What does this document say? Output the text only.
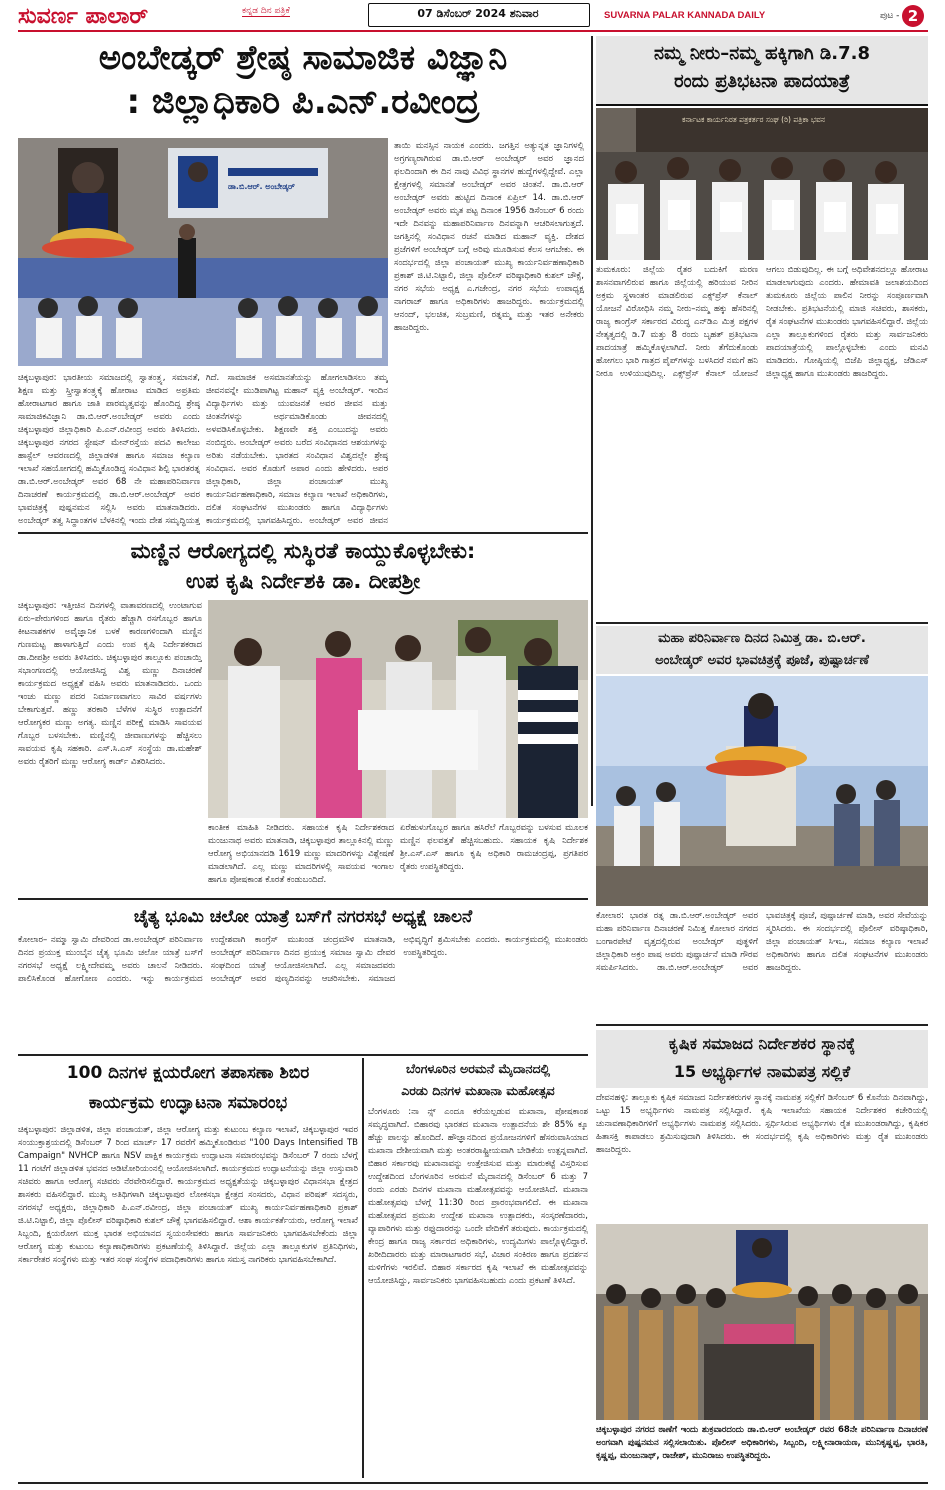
ಸುವರ್ಣ ಪಾಲಾರ್	ಕನ್ನಡ ದಿನ ಪತ್ರಿಕೆ	07 ಡಿಸೆಂಬರ್ 2024 ಶನಿವಾರ	SUVARNA PALAR KANNADA DAILY	ಪುಟ - 2
ಅಂಬೇಡ್ಕರ್ ಶ್ರೇಷ್ಠ ಸಾಮಾಜಿಕ ವಿಜ್ಞಾನಿ
: ಜಿಲ್ಲಾಧಿಕಾರಿ ಪಿ.ಎನ್.ರವೀಂದ್ರ
ಡಾ.ಬಿ.ಆರ್. ಅಂಬೇಡ್ಕರ್
ಚಿಕ್ಕಬಳ್ಳಾಪುರ: ಭಾರತೀಯ ಸಮಾಜದಲ್ಲಿ ಸ್ವಾತಂತ್ರ್ಯ, ಸಮಾನತೆ, ಶಿಕ್ಷಣ ಮತ್ತು ಸ್ತ್ರೀಸ್ವಾತಂತ್ರ್ಯಕ್ಕೆ ಹೋರಾಟ ಮಾಡಿದ ಅಪ್ರತಿಮ ಹೋರಾಟಗಾರ ಹಾಗೂ ಜಾತಿ ಪಾರಮ್ಯತ್ವವನ್ನು ಹೊಂದಿದ್ದ ಶ್ರೇಷ್ಠ ಸಾಮಾಜಿಕವಿಜ್ಞಾನಿ ಡಾ.ಬಿ.ಆರ್.ಅಂಬೇಡ್ಕರ್ ಅವರು ಎಂದು ಚಿಕ್ಕಬಳ್ಳಾಪುರ ಜಿಲ್ಲಾಧಿಕಾರಿ ಪಿ.ಎನ್.ರವೀಂದ್ರ ಅವರು ತಿಳಿಸಿದರು. ಚಿಕ್ಕಬಳ್ಳಾಪುರ ನಗರದ ಸ್ಟೇಷನ್ ಮೇನ್‌ರಸ್ತೆಯ ಪದವಿ ಕಾಲೇಜು ಹಾಸ್ಟೆಲ್ ಆವರಣದಲ್ಲಿ ಜಿಲ್ಲಾಡಳಿತ ಹಾಗೂ ಸಮಾಜ ಕಲ್ಯಾಣ ಇಲಾಖೆ ಸಹಯೋಗದಲ್ಲಿ ಹಮ್ಮಿಕೊಂಡಿದ್ದ ಸಂವಿಧಾನ ಶಿಲ್ಪಿ ಭಾರತರತ್ನ ಡಾ.ಬಿ.ಆರ್.ಅಂಬೇಡ್ಕರ್ ಅವರ 68 ನೇ ಮಹಾಪರಿನಿರ್ವಾಣ ದಿನಾಚರಣೆ ಕಾರ್ಯಕ್ರಮದಲ್ಲಿ ಡಾ.ಬಿ.ಆರ್.ಅಂಬೇಡ್ಕರ್ ಅವರ ಭಾವಚಿತ್ರಕ್ಕೆ ಪುಷ್ಪನಮನ ಸಲ್ಲಿಸಿ ಅವರು ಮಾತನಾಡಿದರು. ಅಂಬೇಡ್ಕರ್ ತತ್ವ ಸಿದ್ಧಾಂತಗಳ ಬೆಳಕಿನಲ್ಲಿ ಇಂದು ದೇಶ ಸಮೃದ್ಧಿಯತ್ತ
ಗಿದೆ. ಸಾಮಾಜಿಕ ಅಸಮಾನತೆಯನ್ನು ಹೋಗಲಾಡಿಸಲು ತಮ್ಮ ಜೀವನವನ್ನೇ ಮುಡಿಪಾಗಿಟ್ಟ ಮಹಾನ್ ವ್ಯಕ್ತಿ ಅಂಬೇಡ್ಕರ್. ಇಂದಿನ ವಿದ್ಯಾರ್ಥಿಗಳು ಮತ್ತು ಯುವಜನತೆ ಅವರ ಜೀವನ ಮತ್ತು ಚಿಂತನೆಗಳನ್ನು ಅರ್ಥಮಾಡಿಕೊಂಡು ಜೀವನದಲ್ಲಿ ಅಳವಡಿಸಿಕೊಳ್ಳಬೇಕು. ಶಿಕ್ಷಣವೇ ಶಕ್ತಿ ಎಂಬುದನ್ನು ಅವರು ನಂಬಿದ್ದರು. ಅಂಬೇಡ್ಕರ್ ಅವರು ಬರೆದ ಸಂವಿಧಾನದ ಆಶಯಗಳನ್ನು ಅರಿತು ನಡೆಯಬೇಕು. ಭಾರತದ ಸಂವಿಧಾನ ವಿಶ್ವದಲ್ಲೇ ಶ್ರೇಷ್ಠ ಸಂವಿಧಾನ. ಅವರ ಕೊಡುಗೆ ಅಪಾರ ಎಂದು ಹೇಳಿದರು. ಅಪರ ಜಿಲ್ಲಾಧಿಕಾರಿ, ಜಿಲ್ಲಾ ಪಂಚಾಯತ್ ಮುಖ್ಯ ಕಾರ್ಯನಿರ್ವಹಣಾಧಿಕಾರಿ, ಸಮಾಜ ಕಲ್ಯಾಣ ಇಲಾಖೆ ಅಧಿಕಾರಿಗಳು, ದಲಿತ ಸಂಘಟನೆಗಳ ಮುಖಂಡರು ಹಾಗೂ ವಿದ್ಯಾರ್ಥಿಗಳು ಕಾರ್ಯಕ್ರಮದಲ್ಲಿ ಭಾಗವಹಿಸಿದ್ದರು. ಅಂಬೇಡ್ಕರ್ ಅವರ ಜೀವನ
ತಾಯಿ ಮನಸ್ಸಿನ ನಾಯಕ ಎಂದರು. ಜಗತ್ತಿನ ಅತ್ಯುನ್ನತ ಜ್ಞಾನಿಗಳಲ್ಲಿ ಅಗ್ರಗಣ್ಯರಾಗಿರುವ ಡಾ.ಬಿ.ಆರ್ ಅಂಬೇಡ್ಕರ್ ಅವರ ಜ್ಞಾನದ ಫಲದಿಂದಾಗಿ ಈ ದಿನ ನಾವು ವಿವಿಧ ಸ್ಥಾನಗಳ ಹುದ್ದೆಗಳಲ್ಲಿದ್ದೇವೆ. ಎಲ್ಲಾ ಕ್ಷೇತ್ರಗಳಲ್ಲಿ ಸಮಾನತೆ ಅಂಬೇಡ್ಕರ್ ಅವರ ಚಿಂತನೆ. ಡಾ.ಬಿ.ಆರ್ ಅಂಬೇಡ್ಕರ್ ಅವರು ಹುಟ್ಟಿದ ದಿನಾಂಕ ಏಪ್ರಿಲ್ 14. ಡಾ.ಬಿ.ಆರ್ ಅಂಬೇಡ್ಕರ್ ಅವರು ಮೃತ ಪಟ್ಟ ದಿನಾಂಕ 1956 ಡಿಸೆಂಬರ್ 6 ರಂದು ಇದೇ ದಿನವನ್ನು ಮಹಾಪರಿನಿರ್ವಾಣ ದಿನವನ್ನಾಗಿ ಆಚರಿಸಲಾಗುತ್ತದೆ. ಜಗತ್ತಿನಲ್ಲಿ ಸಂವಿಧಾನ ರಚನೆ ಮಾಡಿದ ಮಹಾನ್ ವ್ಯಕ್ತಿ. ದೇಶದ ಪ್ರಜೆಗಳಿಗೆ ಅಂಬೇಡ್ಕರ್ ಬಗ್ಗೆ ಅರಿವು ಮೂಡಿಸುವ ಕೆಲಸ ಆಗಬೇಕು. ಈ ಸಂದರ್ಭದಲ್ಲಿ ಜಿಲ್ಲಾ ಪಂಚಾಯತ್ ಮುಖ್ಯ ಕಾರ್ಯನಿರ್ವಹಣಾಧಿಕಾರಿ ಪ್ರಕಾಶ್ ಜಿ.ಟಿ.ನಿಟ್ಟಾಲಿ, ಜಿಲ್ಲಾ ಪೊಲೀಸ್ ವರಿಷ್ಠಾಧಿಕಾರಿ ಕುಶಲ್ ಚೌಕ್ಸೆ, ನಗರ ಸಭೆಯ ಅಧ್ಯಕ್ಷ ಎ.ಗಜೇಂದ್ರ, ನಗರ ಸಭೆಯ ಉಪಾಧ್ಯಕ್ಷ ನಾಗರಾಜ್ ಹಾಗೂ ಅಧಿಕಾರಿಗಳು ಹಾಜರಿದ್ದರು. ಕಾರ್ಯಕ್ರಮದಲ್ಲಿ ಆನಂದ್, ಭಲಚಿತ, ಸುಬ್ರಮಣಿ, ರತ್ನಮ್ಮ ಮತ್ತು ಇತರ ಅನೇಕರು ಹಾಜರಿದ್ದರು.
ನಮ್ಮ ನೀರು–ನಮ್ಮ ಹಕ್ಕಿಗಾಗಿ ಡಿ.7.8
ರಂದು ಪ್ರತಿಭಟನಾ ಪಾದಯಾತ್ರೆ
ಕರ್ನಾಟಕ ಕಾರ್ಯನಿರತ ಪತ್ರಕರ್ತರ ಸಂಘ (ರಿ) ಪತ್ರಿಕಾ ಭವನ
ತುಮಕೂರು: ಜಿಲ್ಲೆಯ ರೈತರ ಬದುಕಿಗೆ ಮರಣ ಶಾಸನವಾಗಲಿರುವ ಹಾಗೂ ಜಿಲ್ಲೆಯಲ್ಲಿ ಹರಿಯುವ ನೀರಿನ ಅಕ್ರಮ ಸ್ಥಳಾಂತರ ಮಾಡಲಿರುವ ಎಕ್ಸ್‌ಪ್ರೆಸ್ ಕೆನಾಲ್ ಯೋಜನೆ ವಿರೋಧಿಸಿ ನಮ್ಮ ನೀರು–ನಮ್ಮ ಹಕ್ಕು ಹೆಸರಿನಲ್ಲಿ ರಾಜ್ಯ ಕಾಂಗ್ರೆಸ್ ಸರ್ಕಾರದ ವಿರುದ್ಧ ಎನ್‌ಡಿಎ ಮಿತ್ರ ಪಕ್ಷಗಳ ನೇತೃತ್ವದಲ್ಲಿ ಡಿ.7 ಮತ್ತು 8 ರಂದು ಬೃಹತ್ ಪ್ರತಿಭಟನಾ ಪಾದಯಾತ್ರೆ ಹಮ್ಮಿಕೊಳ್ಳಲಾಗಿದೆ. ನೀರು ತೆಗೆದುಕೊಂಡು ಹೋಗಲು ಭಾರಿ ಗಾತ್ರದ ಪೈಪ್‌ಗಳನ್ನು ಬಳಸಿದರೆ ನಮಗೆ ಹನಿ ನೀರೂ ಉಳಿಯುವುದಿಲ್ಲ. ಎಕ್ಸ್‌ಪ್ರೆಸ್ ಕೆನಾಲ್ ಯೋಜನೆ ಆಗಲು ಬಿಡುವುದಿಲ್ಲ. ಈ ಬಗ್ಗೆ ಅಧಿವೇಶನದಲ್ಲೂ ಹೋರಾಟ ಮಾಡಲಾಗುವುದು ಎಂದರು. ಹೇಮಾವತಿ ಜಲಾಶಯದಿಂದ ತುಮಕೂರು ಜಿಲ್ಲೆಯ ಪಾಲಿನ ನೀರನ್ನು ಸಂಪೂರ್ಣವಾಗಿ ನೀಡಬೇಕು. ಪ್ರತಿಭಟನೆಯಲ್ಲಿ ಮಾಜಿ ಸಚಿವರು, ಶಾಸಕರು, ರೈತ ಸಂಘಟನೆಗಳ ಮುಖಂಡರು ಭಾಗವಹಿಸಲಿದ್ದಾರೆ. ಜಿಲ್ಲೆಯ ಎಲ್ಲಾ ತಾಲ್ಲೂಕುಗಳಿಂದ ರೈತರು ಮತ್ತು ಸಾರ್ವಜನಿಕರು ಪಾದಯಾತ್ರೆಯಲ್ಲಿ ಪಾಲ್ಗೊಳ್ಳಬೇಕು ಎಂದು ಮನವಿ ಮಾಡಿದರು. ಗೋಷ್ಠಿಯಲ್ಲಿ ಬಿಜೆಪಿ ಜಿಲ್ಲಾಧ್ಯಕ್ಷ, ಜೆಡಿಎಸ್ ಜಿಲ್ಲಾಧ್ಯಕ್ಷ ಹಾಗೂ ಮುಖಂಡರು ಹಾಜರಿದ್ದರು.
ಮಣ್ಣಿನ ಆರೋಗ್ಯದಲ್ಲಿ ಸುಸ್ಥಿರತೆ ಕಾಯ್ದುಕೊಳ್ಳಬೇಕು:
ಉಪ ಕೃಷಿ ನಿರ್ದೇಶಕಿ ಡಾ. ದೀಪಶ್ರೀ
ಚಿಕ್ಕಬಳ್ಳಾಪುರ: ಇತ್ತೀಚಿನ ದಿನಗಳಲ್ಲಿ ವಾತಾವರಣದಲ್ಲಿ ಉಂಟಾಗುವ ಏರು–ಪೇರುಗಳಿಂದ ಹಾಗೂ ರೈತರು ಹೆಚ್ಚಾಗಿ ರಸಗೊಬ್ಬರ ಹಾಗೂ ಕೀಟನಾಶಕಗಳ ಅವೈಜ್ಞಾನಿಕ ಬಳಕೆ ಕಾರಣಗಳಿಂದಾಗಿ ಮಣ್ಣಿನ ಗುಣಮಟ್ಟ ಹಾಳಾಗುತ್ತಿದೆ ಎಂದು ಉಪ ಕೃಷಿ ನಿರ್ದೇಶಕರಾದ ಡಾ.ದೀಪಶ್ರೀ ಅವರು ತಿಳಿಸಿದರು. ಚಿಕ್ಕಬಳ್ಳಾಪುರ ತಾಲ್ಲೂಕು ಪಂಚಾಯ್ತಿ ಸಭಾಂಗಣದಲ್ಲಿ ಆಯೋಜಿಸಿದ್ದ ವಿಶ್ವ ಮಣ್ಣು ದಿನಾಚರಣೆ ಕಾರ್ಯಕ್ರಮದ ಅಧ್ಯಕ್ಷತೆ ವಹಿಸಿ ಅವರು ಮಾತನಾಡಿದರು. ಒಂದು ಇಂಚು ಮಣ್ಣು ಪದರ ನಿರ್ಮಾಣವಾಗಲು ಸಾವಿರ ವರ್ಷಗಳು ಬೇಕಾಗುತ್ತವೆ. ಹಣ್ಣು ತರಕಾರಿ ಬೆಳೆಗಳ ಸುಸ್ಥಿರ ಉತ್ಪಾದನೆಗೆ ಆರೋಗ್ಯಕರ ಮಣ್ಣು ಅಗತ್ಯ. ಮಣ್ಣಿನ ಪರೀಕ್ಷೆ ಮಾಡಿಸಿ ಸಾವಯವ ಗೊಬ್ಬರ ಬಳಸಬೇಕು. ಮಣ್ಣಿನಲ್ಲಿ ಜೀವಾಣುಗಳನ್ನು ಹೆಚ್ಚಿಸಲು ಸಾವಯವ ಕೃಷಿ ಸಹಕಾರಿ. ಎಸ್.ಸಿ.ಎಸ್ ಸಂಸ್ಥೆಯ ಡಾ.ಮಹೇಶ್ ಅವರು ರೈತರಿಗೆ ಮಣ್ಣು ಆರೋಗ್ಯ ಕಾರ್ಡ್ ವಿತರಿಸಿದರು.
ಕಾಂತೀಕ ಮಾಹಿತಿ ನೀಡಿದರು. ಸಹಾಯಕ ಕೃಷಿ ನಿರ್ದೇಶಕರಾದ ಮಂಜುನಾಥ ಅವರು ಮಾತನಾಡಿ, ಚಿಕ್ಕಬಳ್ಳಾಪುರ ತಾಲ್ಲೂಕಿನಲ್ಲಿ ಮಣ್ಣು ಆರೋಗ್ಯ ಅಭಿಯಾನದಡಿ 1619 ಮಣ್ಣು ಮಾದರಿಗಳನ್ನು ವಿಶ್ಲೇಷಣೆ ಮಾಡಲಾಗಿದೆ. ಎಲ್ಲ ಮಣ್ಣು ಮಾದರಿಗಳಲ್ಲಿ ಸಾವಯವ ಇಂಗಾಲ ಹಾಗೂ ಪೋಷಕಾಂಶ ಕೊರತೆ ಕಂಡುಬಂದಿದೆ.
ಏರೆಹುಳುಗೊಬ್ಬರ ಹಾಗೂ ಹಸಿರೆಲೆ ಗೊಬ್ಬರವನ್ನು ಬಳಸುವ ಮೂಲಕ ಮಣ್ಣಿನ ಫಲವತ್ತತೆ ಹೆಚ್ಚಿಸಬಹುದು. ಸಹಾಯಕ ಕೃಷಿ ನಿರ್ದೇಶಕ ಶ್ರೀ.ಎಸ್.ಎಸ್ ಹಾಗೂ ಕೃಷಿ ಅಧಿಕಾರಿ ರಾಮಚಂದ್ರಪ್ಪ, ಪ್ರಗತಿಪರ ರೈತರು ಉಪಸ್ಥಿತರಿದ್ದರು.
ಮಹಾ ಪರಿನಿರ್ವಾಣ ದಿನದ ನಿಮಿತ್ತ ಡಾ. ಬಿ.ಆರ್.
ಅಂಬೇಡ್ಕರ್ ಅವರ ಭಾವಚಿತ್ರಕ್ಕೆ ಪೂಜೆ, ಪುಷ್ಪಾರ್ಚಣೆ
ಕೋಲಾರ: ಭಾರತ ರತ್ನ ಡಾ.ಬಿ.ಆರ್.ಅಂಬೇಡ್ಕರ್ ಅವರ ಮಹಾ ಪರಿನಿರ್ವಾಣ ದಿನಾಚರಣೆ ನಿಮಿತ್ತ ಕೋಲಾರ ನಗರದ ಬಂಗಾರಪೇಟೆ ವೃತ್ತದಲ್ಲಿರುವ ಅಂಬೇಡ್ಕರ್ ಪುತ್ಥಳಿಗೆ ಜಿಲ್ಲಾಧಿಕಾರಿ ಅಕ್ರಂ ಪಾಷ ಅವರು ಪುಷ್ಪಾರ್ಚನೆ ಮಾಡಿ ಗೌರವ ಸಮರ್ಪಿಸಿದರು. ಡಾ.ಬಿ.ಆರ್.ಅಂಬೇಡ್ಕರ್ ಅವರ ಭಾವಚಿತ್ರಕ್ಕೆ ಪೂಜೆ, ಪುಷ್ಪಾರ್ಚಣೆ ಮಾಡಿ, ಅವರ ಸೇವೆಯನ್ನು ಸ್ಮರಿಸಿದರು. ಈ ಸಂದರ್ಭದಲ್ಲಿ ಪೊಲೀಸ್ ವರಿಷ್ಠಾಧಿಕಾರಿ, ಜಿಲ್ಲಾ ಪಂಚಾಯತ್ ಸಿಇಒ, ಸಮಾಜ ಕಲ್ಯಾಣ ಇಲಾಖೆ ಅಧಿಕಾರಿಗಳು ಹಾಗೂ ದಲಿತ ಸಂಘಟನೆಗಳ ಮುಖಂಡರು ಹಾಜರಿದ್ದರು.
ಚೈತ್ಯ ಭೂಮಿ ಚಲೋ ಯಾತ್ರೆ ಬಸ್‌ಗೆ ನಗರಸಭೆ ಅಧ್ಯಕ್ಷೆ ಚಾಲನೆ
ಕೋಲಾರ– ನಮ್ಮಾ ಸ್ವಾಮಿ ದೇವರಿಂದ ಡಾ.ಅಂಬೇಡ್ಕರ್ ಪರಿನಿರ್ವಾಣ ದಿನದ ಪ್ರಯುಕ್ತ ಮುಂಬೈನ ಚೈತ್ಯ ಭೂಮಿ ಚಲೋ ಯಾತ್ರೆ ಬಸ್‌ಗೆ ನಗರಸಭೆ ಅಧ್ಯಕ್ಷೆ ಲಕ್ಷ್ಮೀದೇವಮ್ಮ ಅವರು ಚಾಲನೆ ನೀಡಿದರು. ಪಾಲಿಸಿಕೊಂಡ ಹೋಗೋಣ ಎಂದರು. ಇನ್ನು ಕಾರ್ಯಕ್ರಮದ ಉದ್ದೇಶವಾಗಿ ಕಾಂಗ್ರೆಸ್ ಮುಖಂಡ ಚಂದ್ರಮೌಳಿ ಮಾತನಾಡಿ, ಅಂಬೇಡ್ಕರ್ ಪರಿನಿರ್ವಾಣ ದಿನದ ಪ್ರಯುಕ್ತ ಸಮಾಜ ಸ್ವಾಮಿ ದೇವರ ಸಂಘದಿಂದ ಯಾತ್ರೆ ಆಯೋಜಿಸಲಾಗಿದೆ. ಎಲ್ಲ ಸಮಾಜದವರು ಅಂಬೇಡ್ಕರ್ ಅವರ ಪುಣ್ಯದಿನವನ್ನು ಆಚರಿಸಬೇಕು. ಸಮಾಜದ ಅಭಿವೃದ್ಧಿಗೆ ಶ್ರಮಿಸಬೇಕು ಎಂದರು. ಕಾರ್ಯಕ್ರಮದಲ್ಲಿ ಮುಖಂಡರು ಉಪಸ್ಥಿತರಿದ್ದರು.
100 ದಿನಗಳ ಕ್ಷಯರೋಗ ತಪಾಸಣಾ ಶಿಬಿರ
ಕಾರ್ಯಕ್ರಮ ಉದ್ಘಾಟನಾ ಸಮಾರಂಭ
ಚಿಕ್ಕಬಳ್ಳಾಪುರ: ಜಿಲ್ಲಾಡಳಿತ, ಜಿಲ್ಲಾ ಪಂಚಾಯತ್, ಜಿಲ್ಲಾ ಆರೋಗ್ಯ ಮತ್ತು ಕುಟುಂಬ ಕಲ್ಯಾಣ ಇಲಾಖೆ, ಚಿಕ್ಕಬಳ್ಳಾಪುರ ಇವರ ಸಂಯುಕ್ತಾಶ್ರಯದಲ್ಲಿ ಡಿಸೆಂಬರ್ 7 ರಿಂದ ಮಾರ್ಚ್ 17 ರವರೆಗೆ ಹಮ್ಮಿಕೊಂಡಿರುವ "100 Days Intensified TB Campaign" NVHCP ಹಾಗೂ NSV ಪಾಕ್ಷಿಕ ಕಾರ್ಯಕ್ರಮ ಉದ್ಘಾಟನಾ ಸಮಾರಂಭವನ್ನು ಡಿಸೆಂಬರ್ 7 ರಂದು ಬೆಳಗ್ಗೆ 11 ಗಂಟೆಗೆ ಜಿಲ್ಲಾಡಳಿತ ಭವನದ ಆಡಿಟೋರಿಯಂನಲ್ಲಿ ಆಯೋಜಿಸಲಾಗಿದೆ. ಕಾರ್ಯಕ್ರಮದ ಉದ್ಘಾಟನೆಯನ್ನು ಜಿಲ್ಲಾ ಉಸ್ತುವಾರಿ ಸಚಿವರು ಹಾಗೂ ಆರೋಗ್ಯ ಸಚಿವರು ನೆರವೇರಿಸಲಿದ್ದಾರೆ. ಕಾರ್ಯಕ್ರಮದ ಅಧ್ಯಕ್ಷತೆಯನ್ನು ಚಿಕ್ಕಬಳ್ಳಾಪುರ ವಿಧಾನಸಭಾ ಕ್ಷೇತ್ರದ ಶಾಸಕರು ವಹಿಸಲಿದ್ದಾರೆ. ಮುಖ್ಯ ಅತಿಥಿಗಳಾಗಿ ಚಿಕ್ಕಬಳ್ಳಾಪುರ ಲೋಕಸಭಾ ಕ್ಷೇತ್ರದ ಸಂಸದರು, ವಿಧಾನ ಪರಿಷತ್ ಸದಸ್ಯರು, ನಗರಸಭೆ ಅಧ್ಯಕ್ಷರು, ಜಿಲ್ಲಾಧಿಕಾರಿ ಪಿ.ಎನ್.ರವೀಂದ್ರ, ಜಿಲ್ಲಾ ಪಂಚಾಯತ್ ಮುಖ್ಯ ಕಾರ್ಯನಿರ್ವಹಣಾಧಿಕಾರಿ ಪ್ರಕಾಶ್ ಜಿ.ಟಿ.ನಿಟ್ಟಾಲಿ, ಜಿಲ್ಲಾ ಪೊಲೀಸ್ ವರಿಷ್ಠಾಧಿಕಾರಿ ಕುಶಲ್ ಚೌಕ್ಸೆ ಭಾಗವಹಿಸಲಿದ್ದಾರೆ. ಆಶಾ ಕಾರ್ಯಕರ್ತೆಯರು, ಆರೋಗ್ಯ ಇಲಾಖೆ ಸಿಬ್ಬಂದಿ, ಕ್ಷಯರೋಗ ಮುಕ್ತ ಭಾರತ ಅಭಿಯಾನದ ಸ್ವಯಂಸೇವಕರು ಹಾಗೂ ಸಾರ್ವಜನಿಕರು ಭಾಗವಹಿಸಬೇಕೆಂದು ಜಿಲ್ಲಾ ಆರೋಗ್ಯ ಮತ್ತು ಕುಟುಂಬ ಕಲ್ಯಾಣಾಧಿಕಾರಿಗಳು ಪ್ರಕಟಣೆಯಲ್ಲಿ ತಿಳಿಸಿದ್ದಾರೆ. ಜಿಲ್ಲೆಯ ಎಲ್ಲಾ ತಾಲ್ಲೂಕುಗಳ ಪ್ರತಿನಿಧಿಗಳು, ಸರ್ಕಾರೇತರ ಸಂಸ್ಥೆಗಳು ಮತ್ತು ಇತರ ಸಂಘ ಸಂಸ್ಥೆಗಳ ಪದಾಧಿಕಾರಿಗಳು ಹಾಗೂ ಸಮಸ್ತ ನಾಗರಿಕರು ಭಾಗವಹಿಸಬೇಕಾಗಿದೆ.
ಬೆಂಗಳೂರಿನ ಅರಮನೆ ಮೈದಾನದಲ್ಲಿ
ಎರಡು ದಿನಗಳ ಮಖಾನಾ ಮಹೋತ್ಸವ
ಬೆಂಗಳೂರು :ನಾ ನ್ಸ್ ಎಂದೂ ಕರೆಯಲ್ಪಡುವ ಮಖಾನಾ, ಪೋಷಕಾಂಶ ಸಮೃದ್ಧವಾಗಿದೆ. ಬಿಹಾರವು ಭಾರತದ ಮಖಾನಾ ಉತ್ಪಾದನೆಯ ಶೇ 85% ಕ್ಕೂ ಹೆಚ್ಚು ಪಾಲನ್ನು ಹೊಂದಿದೆ. ಹೌಜ್ಞಾನದಿಂದ ಪ್ರಯೋಜನಗಳಿಗೆ ಹೆಸರುವಾಸಿಯಾದ ಮಖಾನಾ ದೇಶೀಯವಾಗಿ ಮತ್ತು ಅಂತರರಾಷ್ಟ್ರೀಯವಾಗಿ ಬೇಡಿಕೆಯ ಉತ್ಪನ್ನವಾಗಿದೆ. ಬಿಹಾರ ಸರ್ಕಾರವು ಮಖಾನಾವನ್ನು ಉತ್ತೇಜಿಸುವ ಮತ್ತು ಮಾರುಕಟ್ಟೆ ವಿಸ್ತರಿಸುವ ಉದ್ದೇಶದಿಂದ ಬೆಂಗಳೂರಿನ ಅರಮನೆ ಮೈದಾನದಲ್ಲಿ ಡಿಸೆಂಬರ್ 6 ಮತ್ತು 7 ರಂದು ಎರಡು ದಿನಗಳ ಮಖಾನಾ ಮಹೋತ್ಸವವನ್ನು ಆಯೋಜಿಸಿದೆ. ಮಖಾನಾ ಮಹೋತ್ಸವವು ಬೆಳಗ್ಗೆ 11:30 ರಿಂದ ಪ್ರಾರಂಭವಾಗಲಿದೆ. ಈ ಮಖಾನಾ ಮಹೋತ್ಸವದ ಪ್ರಮುಖ ಉದ್ದೇಶ ಮಖಾನಾ ಉತ್ಪಾದಕರು, ಸಂಸ್ಕರಣೆದಾರರು, ವ್ಯಾಪಾರಿಗಳು ಮತ್ತು ರಫ್ತುದಾರರನ್ನು ಒಂದೇ ವೇದಿಕೆಗೆ ತರುವುದು. ಕಾರ್ಯಕ್ರಮದಲ್ಲಿ ಕೇಂದ್ರ ಹಾಗೂ ರಾಜ್ಯ ಸರ್ಕಾರದ ಅಧಿಕಾರಿಗಳು, ಉದ್ಯಮಿಗಳು ಪಾಲ್ಗೊಳ್ಳಲಿದ್ದಾರೆ. ಖರೀದಿದಾರರು ಮತ್ತು ಮಾರಾಟಗಾರರ ಸಭೆ, ವಿಚಾರ ಸಂಕಿರಣ ಹಾಗೂ ಪ್ರದರ್ಶನ ಮಳಿಗೆಗಳು ಇರಲಿವೆ. ಬಿಹಾರ ಸರ್ಕಾರದ ಕೃಷಿ ಇಲಾಖೆ ಈ ಮಹೋತ್ಸವವನ್ನು ಆಯೋಜಿಸಿದ್ದು, ಸಾರ್ವಜನಿಕರು ಭಾಗವಹಿಸಬಹುದು ಎಂದು ಪ್ರಕಟಣೆ ತಿಳಿಸಿದೆ.
ಕೃಷಿಕ ಸಮಾಜದ ನಿರ್ದೇಶಕರ ಸ್ಥಾನಕ್ಕೆ
15 ಅಭ್ಯರ್ಥಿಗಳ ನಾಮಪತ್ರ ಸಲ್ಲಿಕೆ
ದೇವನಹಳ್ಳಿ: ತಾಲ್ಲೂಕು ಕೃಷಿಕ ಸಮಾಜದ ನಿರ್ದೇಶಕರುಗಳ ಸ್ಥಾನಕ್ಕೆ ನಾಮಪತ್ರ ಸಲ್ಲಿಕೆಗೆ ಡಿಸೆಂಬರ್ 6 ಕೊನೆಯ ದಿನವಾಗಿದ್ದು, ಒಟ್ಟು 15 ಅಭ್ಯರ್ಥಿಗಳು ನಾಮಪತ್ರ ಸಲ್ಲಿಸಿದ್ದಾರೆ. ಕೃಷಿ ಇಲಾಖೆಯ ಸಹಾಯಕ ನಿರ್ದೇಶಕರ ಕಚೇರಿಯಲ್ಲಿ ಚುನಾವಣಾಧಿಕಾರಿಗಳಿಗೆ ಅಭ್ಯರ್ಥಿಗಳು ನಾಮಪತ್ರ ಸಲ್ಲಿಸಿದರು. ಸ್ಪರ್ಧಿಸಿರುವ ಅಭ್ಯರ್ಥಿಗಳು ರೈತ ಮುಖಂಡರಾಗಿದ್ದು, ಕೃಷಿಕರ ಹಿತಾಸಕ್ತಿ ಕಾಪಾಡಲು ಶ್ರಮಿಸುವುದಾಗಿ ತಿಳಿಸಿದರು. ಈ ಸಂದರ್ಭದಲ್ಲಿ ಕೃಷಿ ಅಧಿಕಾರಿಗಳು ಮತ್ತು ರೈತ ಮುಖಂಡರು ಹಾಜರಿದ್ದರು.
ಚಿಕ್ಕಬಳ್ಳಾಪುರ ನಗರದ ಠಾಣೆಗೆ ಇಂದು ಶುಕ್ರವಾರದಂದು ಡಾ.ಬಿ.ಆರ್ ಅಂಬೇಡ್ಕರ್ ರವರ 68ನೇ ಪರಿನಿರ್ವಾಣ ದಿನಾಚರಣೆ ಅಂಗವಾಗಿ ಪುಷ್ಪನಮನ ಸಲ್ಲಿಸಲಾಯಿತು. ಪೊಲೀಸ್ ಅಧಿಕಾರಿಗಳು, ಸಿಬ್ಬಂದಿ, ಲಕ್ಷ್ಮೀನಾರಾಯಣ, ಮುನಿಕೃಷ್ಣಪ್ಪ, ಭಾರತಿ, ಕೃಷ್ಣಪ್ಪ, ಮಂಜುನಾಥ್, ರಾಜೇಶ್, ಮುನಿರಾಜು ಉಪಸ್ಥಿತರಿದ್ದರು.
